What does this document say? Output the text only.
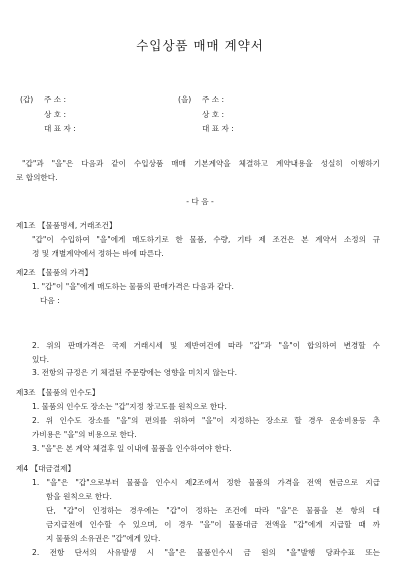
수입상품 매매 계약서
(갑) 주 소 :
상 호 :
대 표 자 :
(을) 주 소 :
상 호 :
대 표 자 :
"갑"과 "을"은 다음과 같이 수입상품 매매 기본계약을 체결하고 계약내용을 성실히 이행하기
로 합의한다.
- 다 음 -
제1조 【물품명세, 거래조건】
"갑"이 수입하여 "을"에게 매도하기로 한 물품, 수량, 기타 제 조건은 본 계약서 소정의 규
정 및 개별계약에서 정하는 바에 따른다.
제2조 【물품의 가격】
1. "갑"이 "을"에게 매도하는 물품의 판매가격은 다음과 같다.
다음 :
2. 위의 판매가격은 국제 거래시세 및 제반여건에 따라 "갑"과 "을"이 합의하여 변경할 수
있다.
3. 전항의 규정은 기 체결된 주문량에는 영향을 미치지 않는다.
제3조 【물품의 인수도】
1. 물품의 인수도 장소는 "갑"지정 창고도를 원칙으로 한다.
2. 위 인수도 장소를 "을"의 편의를 위하여 "을"이 지정하는 장소로 할 경우 운송비용등 추
가비용은 "을"의 비용으로 한다.
3. "을"은 본 계약 체결후 일 이내에 물품을 인수하여야 한다.
제4 【대금결제】
1. "을"은 "갑"으로부터 물품을 인수시 제2조에서 정한 물품의 가격을 전액 현금으로 지급
함을 원칙으로 한다.
단, "갑"이 인정하는 경우에는 "갑"이 정하는 조건에 따라 "을"은 물품을 본 항의 대
금지급전에 인수할 수 있으며, 이 경우 "을"이 물품대금 전액을 "갑"에게 지급할 때 까
지 물품의 소유권은 "갑"에게 있다.
2. 전항 단서의 사유발생 시 "을"은 물품인수시 금 원의 "을"발행 당좌수표 또는
